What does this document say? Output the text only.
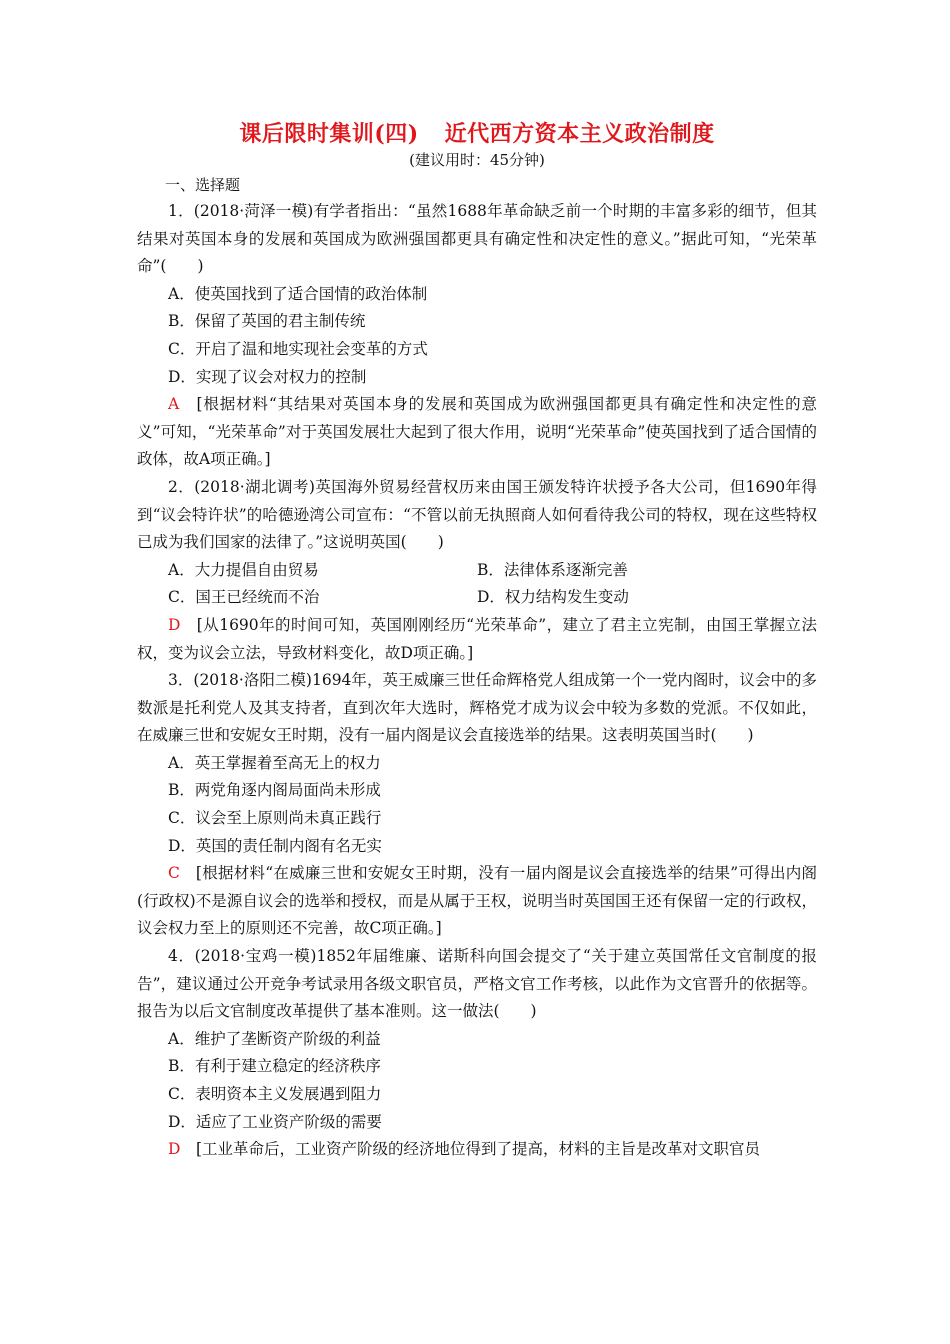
课后限时集训(四) 近代西方资本主义政治制度
(建议用时：45分钟)
一、选择题

1．(2018·菏泽一模)有学者指出：“虽然1688年革命缺乏前一个时期的丰富多彩的细节，但其结果对英国本身的发展和英国成为欧洲强国都更具有确定性和决定性的意义。”据此可知，“光荣革命”(　　)

A．使英国找到了适合国情的政治体制

B．保留了英国的君主制传统

C．开启了温和地实现社会变革的方式

D．实现了议会对权力的控制

A　[根据材料“其结果对英国本身的发展和英国成为欧洲强国都更具有确定性和决定性的意义”可知，“光荣革命”对于英国发展壮大起到了很大作用，说明“光荣革命”使英国找到了适合国情的政体，故A项正确。]

2．(2018·湖北调考)英国海外贸易经营权历来由国王颁发特许状授予各大公司，但1690年得到“议会特许状”的哈德逊湾公司宣布：“不管以前无执照商人如何看待我公司的特权，现在这些特权已成为我们国家的法律了。”这说明英国(　　)

A．大力提倡自由贸易	B．法律体系逐渐完善

C．国王已经统而不治	D．权力结构发生变动

D　[从1690年的时间可知，英国刚刚经历“光荣革命”，建立了君主立宪制，由国王掌握立法权，变为议会立法，导致材料变化，故D项正确。]

3．(2018·洛阳二模)1694年，英王威廉三世任命辉格党人组成第一个一党内阁时，议会中的多数派是托利党人及其支持者，直到次年大选时，辉格党才成为议会中较为多数的党派。不仅如此，在威廉三世和安妮女王时期，没有一届内阁是议会直接选举的结果。这表明英国当时(　　)

A．英王掌握着至高无上的权力

B．两党角逐内阁局面尚未形成

C．议会至上原则尚未真正践行

D．英国的责任制内阁有名无实

C　[根据材料“在威廉三世和安妮女王时期，没有一届内阁是议会直接选举的结果”可得出内阁(行政权)不是源自议会的选举和授权，而是从属于王权，说明当时英国国王还有保留一定的行政权，议会权力至上的原则还不完善，故C项正确。]

4．(2018·宝鸡一模)1852年届维廉、诺斯科向国会提交了“关于建立英国常任文官制度的报告”，建议通过公开竞争考试录用各级文职官员，严格文官工作考核，以此作为文官晋升的依据等。报告为以后文官制度改革提供了基本准则。这一做法(　　)

A．维护了垄断资产阶级的利益

B．有利于建立稳定的经济秩序

C．表明资本主义发展遇到阻力

D．适应了工业资产阶级的需要

D　[工业革命后，工业资产阶级的经济地位得到了提高，材料的主旨是改革对文职官员
